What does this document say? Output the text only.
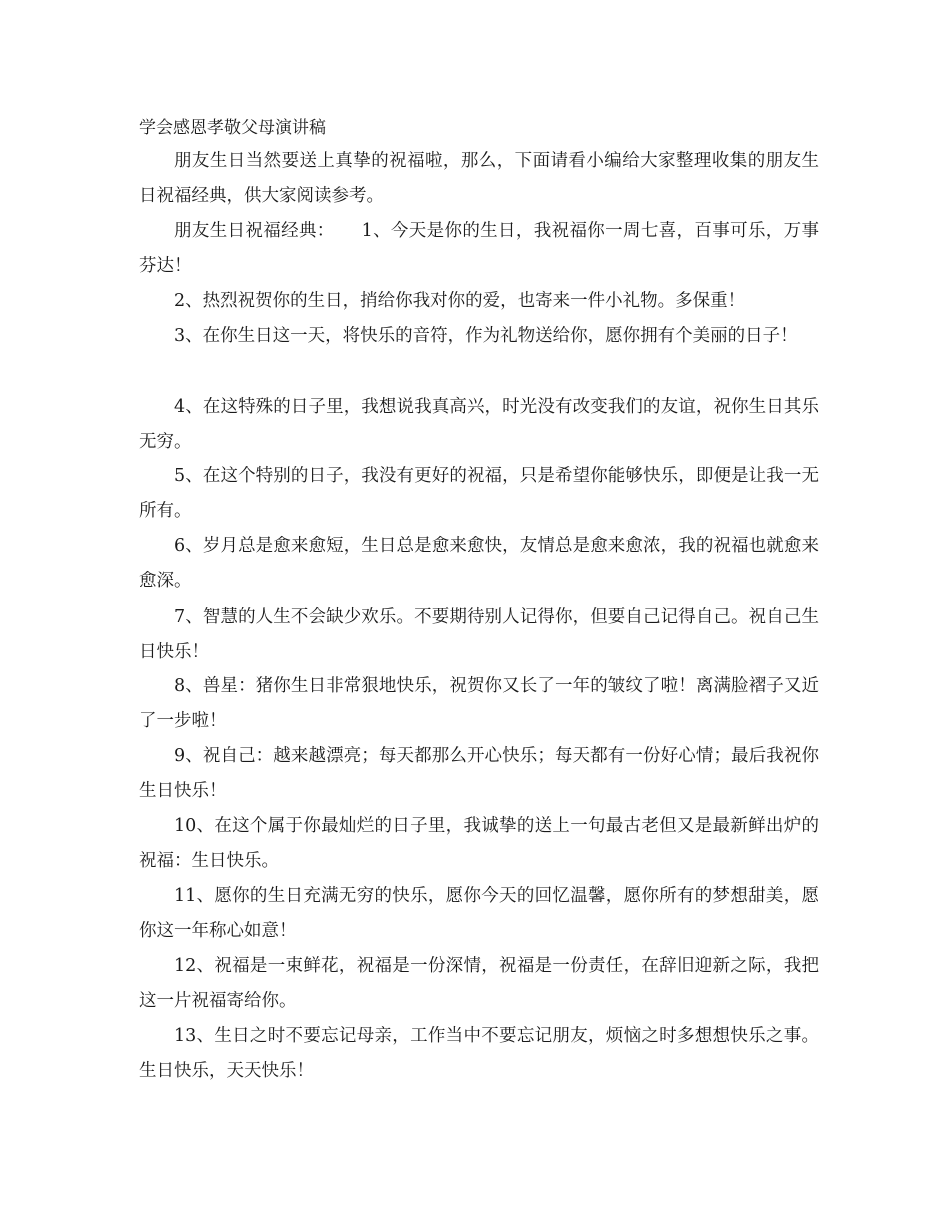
学会感恩孝敬父母演讲稿

朋友生日当然要送上真挚的祝福啦，那么，下面请看小编给大家整理收集的朋友生日祝福经典，供大家阅读参考。

朋友生日祝福经典：　　1、今天是你的生日，我祝福你一周七喜，百事可乐，万事芬达！

2、热烈祝贺你的生日，捎给你我对你的爱，也寄来一件小礼物。多保重！

3、在你生日这一天，将快乐的音符，作为礼物送给你，愿你拥有个美丽的日子！

4、在这特殊的日子里，我想说我真高兴，时光没有改变我们的友谊，祝你生日其乐无穷。

5、在这个特别的日子，我没有更好的祝福，只是希望你能够快乐，即便是让我一无所有。

6、岁月总是愈来愈短，生日总是愈来愈快，友情总是愈来愈浓，我的祝福也就愈来愈深。

7、智慧的人生不会缺少欢乐。不要期待别人记得你，但要自己记得自己。祝自己生日快乐！

8、兽星：猪你生日非常狠地快乐，祝贺你又长了一年的皱纹了啦！离满脸褶子又近了一步啦！

9、祝自己：越来越漂亮；每天都那么开心快乐；每天都有一份好心情；最后我祝你生日快乐！

10、在这个属于你最灿烂的日子里，我诚挚的送上一句最古老但又是最新鲜出炉的祝福：生日快乐。

11、愿你的生日充满无穷的快乐，愿你今天的回忆温馨，愿你所有的梦想甜美，愿你这一年称心如意！

12、祝福是一束鲜花，祝福是一份深情，祝福是一份责任，在辞旧迎新之际，我把这一片祝福寄给你。

13、生日之时不要忘记母亲，工作当中不要忘记朋友，烦恼之时多想想快乐之事。生日快乐，天天快乐！
